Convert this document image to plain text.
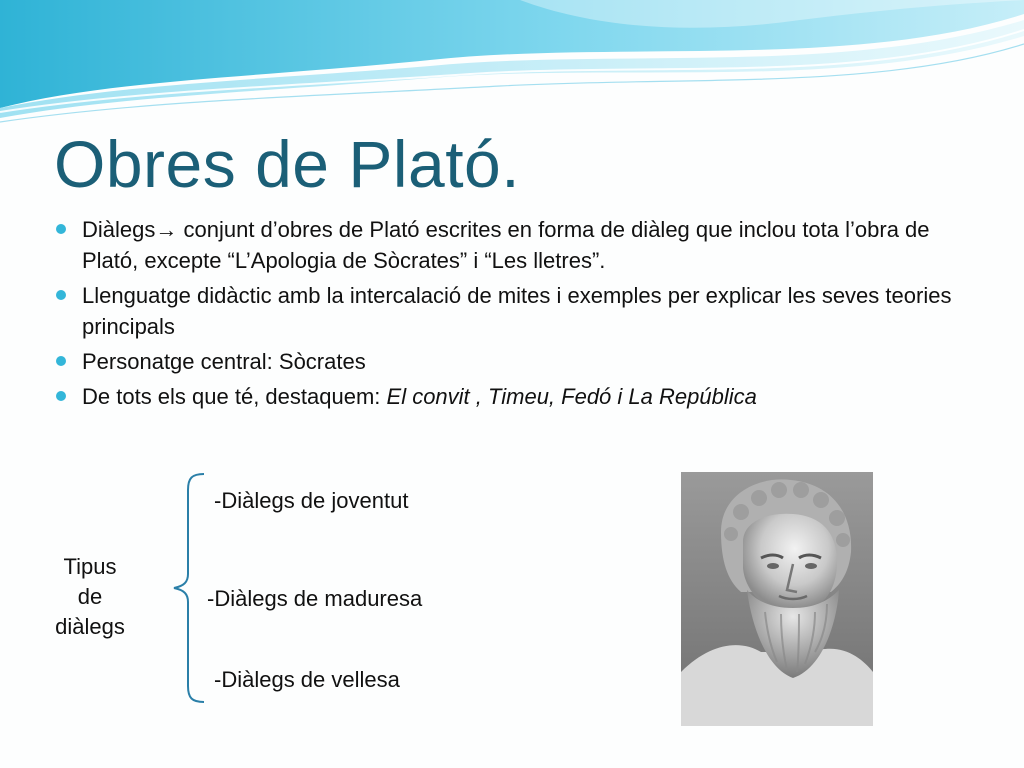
Obres de Plató.
Diàlegs→ conjunt d’obres de Plató escrites en forma de diàleg que inclou tota l’obra de Plató, excepte “L’Apologia de Sòcrates” i “Les lletres”.
Llenguatge didàctic amb la intercalació de mites i exemples per explicar les seves teories principals
Personatge central: Sòcrates
De tots els que té, destaquem: El convit , Timeu, Fedó i La República
Tipus
de
diàlegs
-Diàlegs de joventut
-Diàlegs de maduresa
-Diàlegs de vellesa
